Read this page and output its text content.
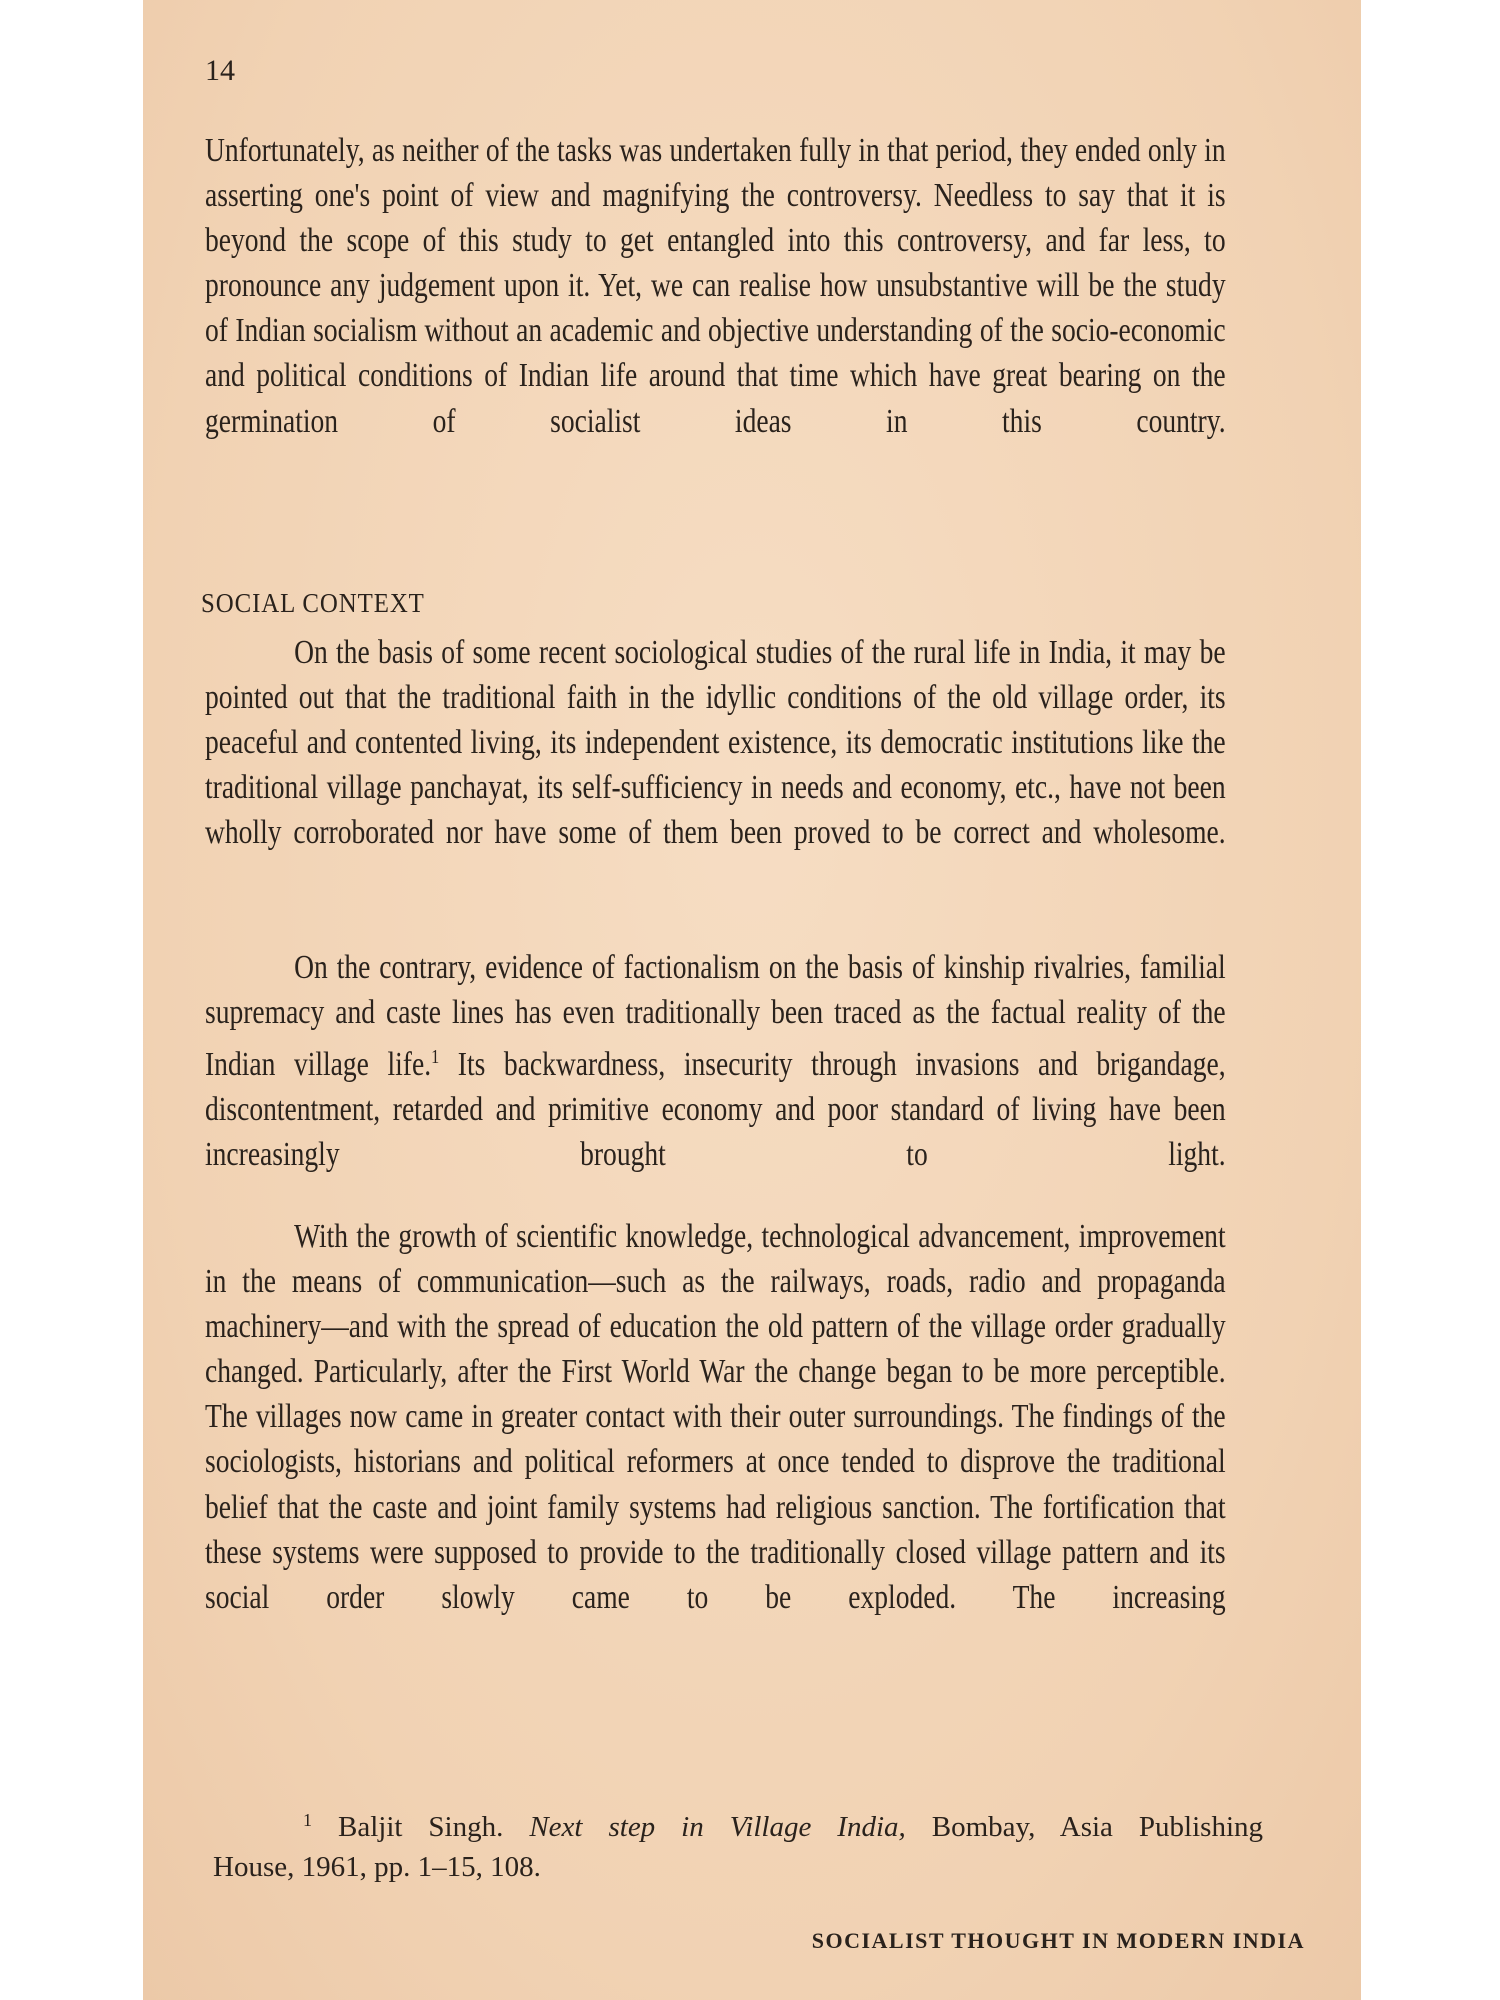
14
Unfortunately, as neither of the tasks was undertaken fully in that period, they ended only in asserting one's point of view and magnifying the controversy. Needless to say that it is beyond the scope of this study to get entangled into this controversy, and far less, to pronounce any judgement upon it. Yet, we can realise how unsubstantive will be the study of Indian socialism without an academic and objective understanding of the socio-economic and political conditions of Indian life around that time which have great bearing on the germination of socialist ideas in this country.
SOCIAL CONTEXT
On the basis of some recent sociological studies of the rural life in India, it may be pointed out that the traditional faith in the idyllic conditions of the old village order, its peaceful and contented living, its independent existence, its democratic institutions like the traditional village panchayat, its self-sufficiency in needs and economy, etc., have not been wholly corroborated nor have some of them been proved to be correct and wholesome.
On the contrary, evidence of factionalism on the basis of kinship rivalries, familial supremacy and caste lines has even traditionally been traced as the factual reality of the Indian village life.$^1$ Its backwardness, insecurity through invasions and brigandage, discontentment, retarded and primitive economy and poor standard of living have been increasingly brought to light.
With the growth of scientific knowledge, technological advancement, improvement in the means of communication—such as the railways, roads, radio and propaganda machinery—and with the spread of education the old pattern of the village order gradually changed. Particularly, after the First World War the change began to be more perceptible. The villages now came in greater contact with their outer surroundings. The findings of the sociologists, historians and political reformers at once tended to disprove the traditional belief that the caste and joint family systems had religious sanction. The fortification that these systems were supposed to provide to the traditionally closed village pattern and its social order slowly came to be exploded. The increasing
$^1$ Baljit Singh. Next step in Village India, Bombay, Asia Publishing
House, 1961, pp. 1–15, 108.
SOCIALIST THOUGHT IN MODERN INDIA
